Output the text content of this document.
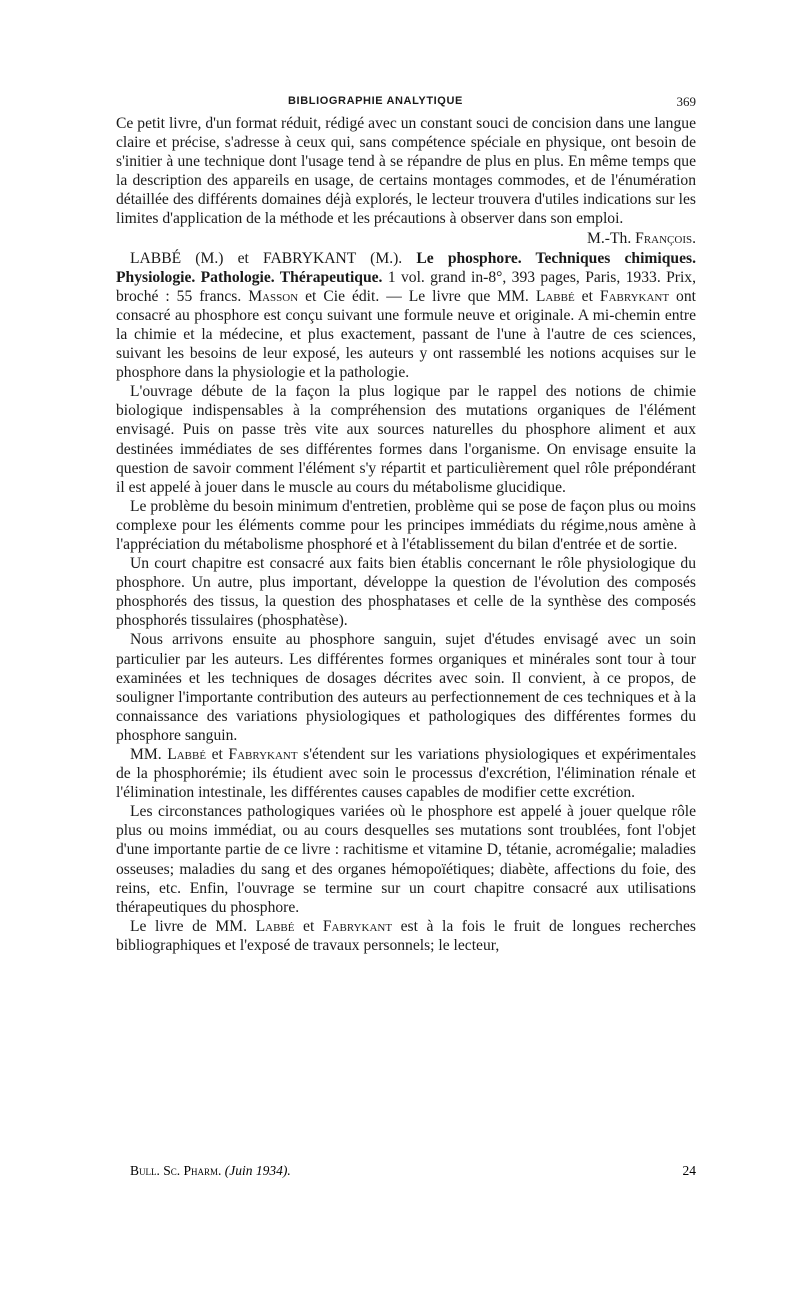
BIBLIOGRAPHIE ANALYTIQUE	369

Ce petit livre, d'un format réduit, rédigé avec un constant souci de concision dans une langue claire et précise, s'adresse à ceux qui, sans compétence spéciale en physique, ont besoin de s'initier à une technique dont l'usage tend à se répandre de plus en plus. En même temps que la description des appareils en usage, de certains montages commodes, et de l'énumération détaillée des différents domaines déjà explorés, le lecteur trouvera d'utiles indications sur les limites d'application de la méthode et les précautions à observer dans son emploi.
M.-Th. François.

LABBÉ (M.) et FABRYKANT (M.). Le phosphore. Techniques chimiques. Physiologie. Pathologie. Thérapeutique. 1 vol. grand in-8°, 393 pages, Paris, 1933. Prix, broché : 55 francs. Masson et Cie édit. — Le livre que MM. Labbé et Fabrykant ont consacré au phosphore est conçu suivant une formule neuve et originale. A mi-chemin entre la chimie et la médecine, et plus exactement, passant de l'une à l'autre de ces sciences, suivant les besoins de leur exposé, les auteurs y ont rassemblé les notions acquises sur le phosphore dans la physiologie et la pathologie.

L'ouvrage débute de la façon la plus logique par le rappel des notions de chimie biologique indispensables à la compréhension des mutations organiques de l'élément envisagé. Puis on passe très vite aux sources naturelles du phosphore aliment et aux destinées immédiates de ses différentes formes dans l'organisme. On envisage ensuite la question de savoir comment l'élément s'y répartit et particulièrement quel rôle prépondérant il est appelé à jouer dans le muscle au cours du métabolisme glucidique.

Le problème du besoin minimum d'entretien, problème qui se pose de façon plus ou moins complexe pour les éléments comme pour les principes immédiats du régime,nous amène à l'appréciation du métabolisme phosphoré et à l'établissement du bilan d'entrée et de sortie.

Un court chapitre est consacré aux faits bien établis concernant le rôle physiologique du phosphore. Un autre, plus important, développe la question de l'évolution des composés phosphorés des tissus, la question des phosphatases et celle de la synthèse des composés phosphorés tissulaires (phosphatèse).

Nous arrivons ensuite au phosphore sanguin, sujet d'études envisagé avec un soin particulier par les auteurs. Les différentes formes organiques et minérales sont tour à tour examinées et les techniques de dosages décrites avec soin. Il convient, à ce propos, de souligner l'importante contribution des auteurs au perfectionnement de ces techniques et à la connaissance des variations physiologiques et pathologiques des différentes formes du phosphore sanguin.

MM. Labbé et Fabrykant s'étendent sur les variations physiologiques et expérimentales de la phosphorémie; ils étudient avec soin le processus d'excrétion, l'élimination rénale et l'élimination intestinale, les différentes causes capables de modifier cette excrétion.

Les circonstances pathologiques variées où le phosphore est appelé à jouer quelque rôle plus ou moins immédiat, ou au cours desquelles ses mutations sont troublées, font l'objet d'une importante partie de ce livre : rachitisme et vitamine D, tétanie, acromégalie; maladies osseuses; maladies du sang et des organes hémopoïétiques; diabète, affections du foie, des reins, etc. Enfin, l'ouvrage se termine sur un court chapitre consacré aux utilisations thérapeutiques du phosphore.

Le livre de MM. Labbé et Fabrykant est à la fois le fruit de longues recherches bibliographiques et l'exposé de travaux personnels; le lecteur,

Bull. Sc. Pharm. (Juin 1934).	24
